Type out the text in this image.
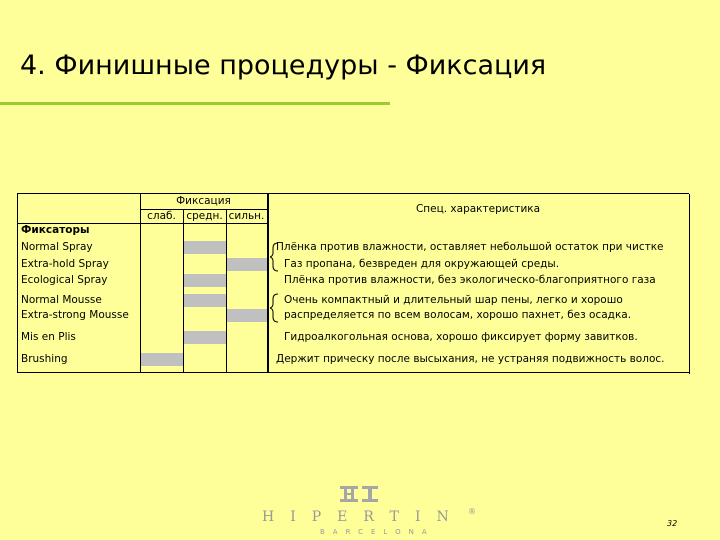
4. Финишные процедуры - Фиксация
Фиксация
Спец. характеристика
слаб. средн. сильн.
Фиксаторы
Normal Spray
Extra-hold Spray
Ecological Spray
Normal Mousse
Extra-strong Mousse
Mis en Plis
Brushing
Плёнка против влажности, оставляет небольшой остаток при чистке
Газ пропана, безвреден для окружающей среды.
Плёнка против влажности, без экологическо-благоприятного газа
Очень компактный и длительный шар пены, легко и хорошо
распределяется по всем волосам, хорошо пахнет, без осадка.
Гидроалкогольная основа, хорошо фиксирует форму завитков.
Держит прическу после высыхания, не устраняя подвижность волос.
HIPERTIN ®
BARCELONA
32
